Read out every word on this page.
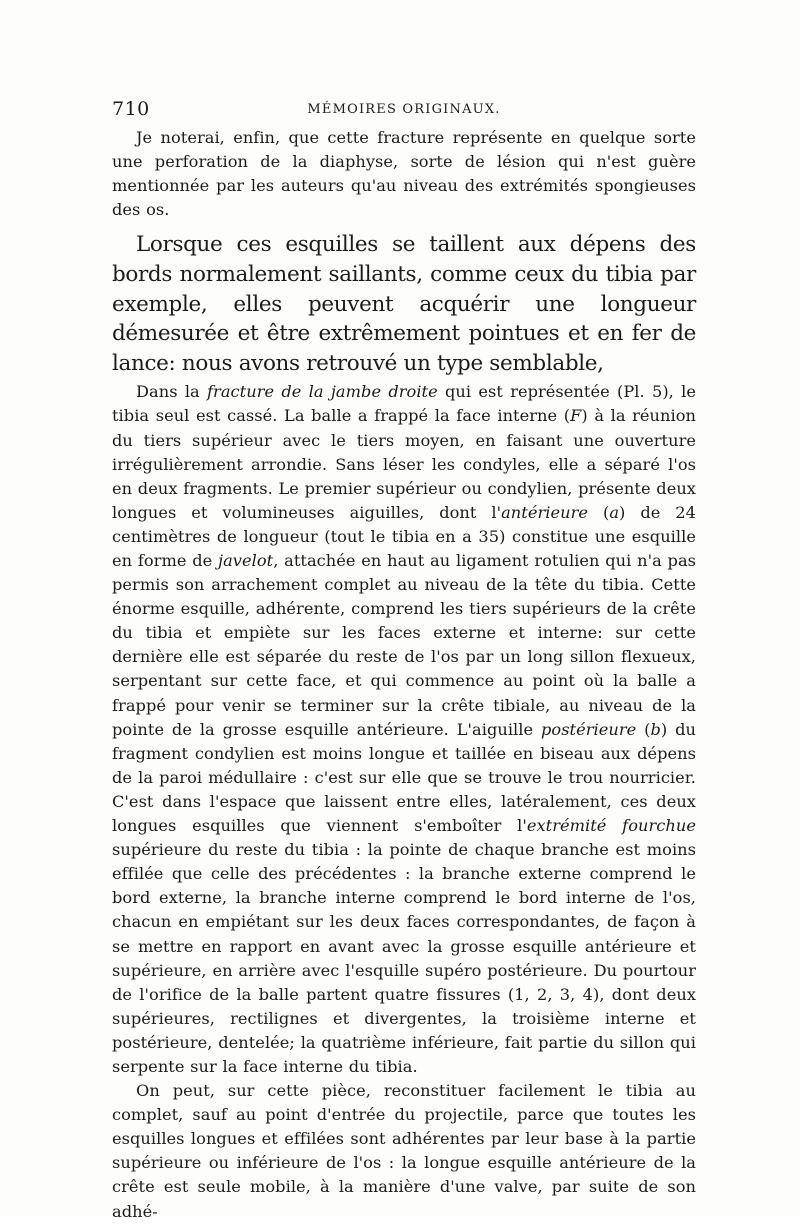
710	MÉMOIRES ORIGINAUX.

Je noterai, enfin, que cette fracture représente en quelque sorte une perforation de la diaphyse, sorte de lésion qui n'est guère mentionnée par les auteurs qu'au niveau des extrémités spongieuses des os.

Lorsque ces esquilles se taillent aux dépens des bords normalement saillants, comme ceux du tibia par exemple, elles peuvent acquérir une longueur démesurée et être extrêmement pointues et en fer de lance: nous avons retrouvé un type semblable,

Dans la fracture de la jambe droite qui est représentée (Pl. 5), le tibia seul est cassé. La balle a frappé la face interne (F) à la réunion du tiers supérieur avec le tiers moyen, en faisant une ouverture irrégulièrement arrondie. Sans léser les condyles, elle a séparé l'os en deux fragments. Le premier supérieur ou condylien, présente deux longues et volumineuses aiguilles, dont l'antérieure (a) de 24 centimètres de longueur (tout le tibia en a 35) constitue une esquille en forme de javelot, attachée en haut au ligament rotulien qui n'a pas permis son arrachement complet au niveau de la tête du tibia. Cette énorme esquille, adhérente, comprend les tiers supérieurs de la crête du tibia et empiète sur les faces externe et interne: sur cette dernière elle est séparée du reste de l'os par un long sillon flexueux, serpentant sur cette face, et qui commence au point où la balle a frappé pour venir se terminer sur la crête tibiale, au niveau de la pointe de la grosse esquille antérieure. L'aiguille postérieure (b) du fragment condylien est moins longue et taillée en biseau aux dépens de la paroi médullaire : c'est sur elle que se trouve le trou nourricier. C'est dans l'espace que laissent entre elles, latéralement, ces deux longues esquilles que viennent s'emboîter l'extrémité fourchue supérieure du reste du tibia : la pointe de chaque branche est moins effilée que celle des précédentes : la branche externe comprend le bord externe, la branche interne comprend le bord interne de l'os, chacun en empiétant sur les deux faces correspondantes, de façon à se mettre en rapport en avant avec la grosse esquille antérieure et supérieure, en arrière avec l'esquille supéro postérieure. Du pourtour de l'orifice de la balle partent quatre fissures (1, 2, 3, 4), dont deux supérieures, rectilignes et divergentes, la troisième interne et postérieure, dentelée; la quatrième inférieure, fait partie du sillon qui serpente sur la face interne du tibia.

On peut, sur cette pièce, reconstituer facilement le tibia au complet, sauf au point d'entrée du projectile, parce que toutes les esquilles longues et effilées sont adhérentes par leur base à la partie supérieure ou inférieure de l'os : la longue esquille antérieure de la crête est seule mobile, à la manière d'une valve, par suite de son adhé-
